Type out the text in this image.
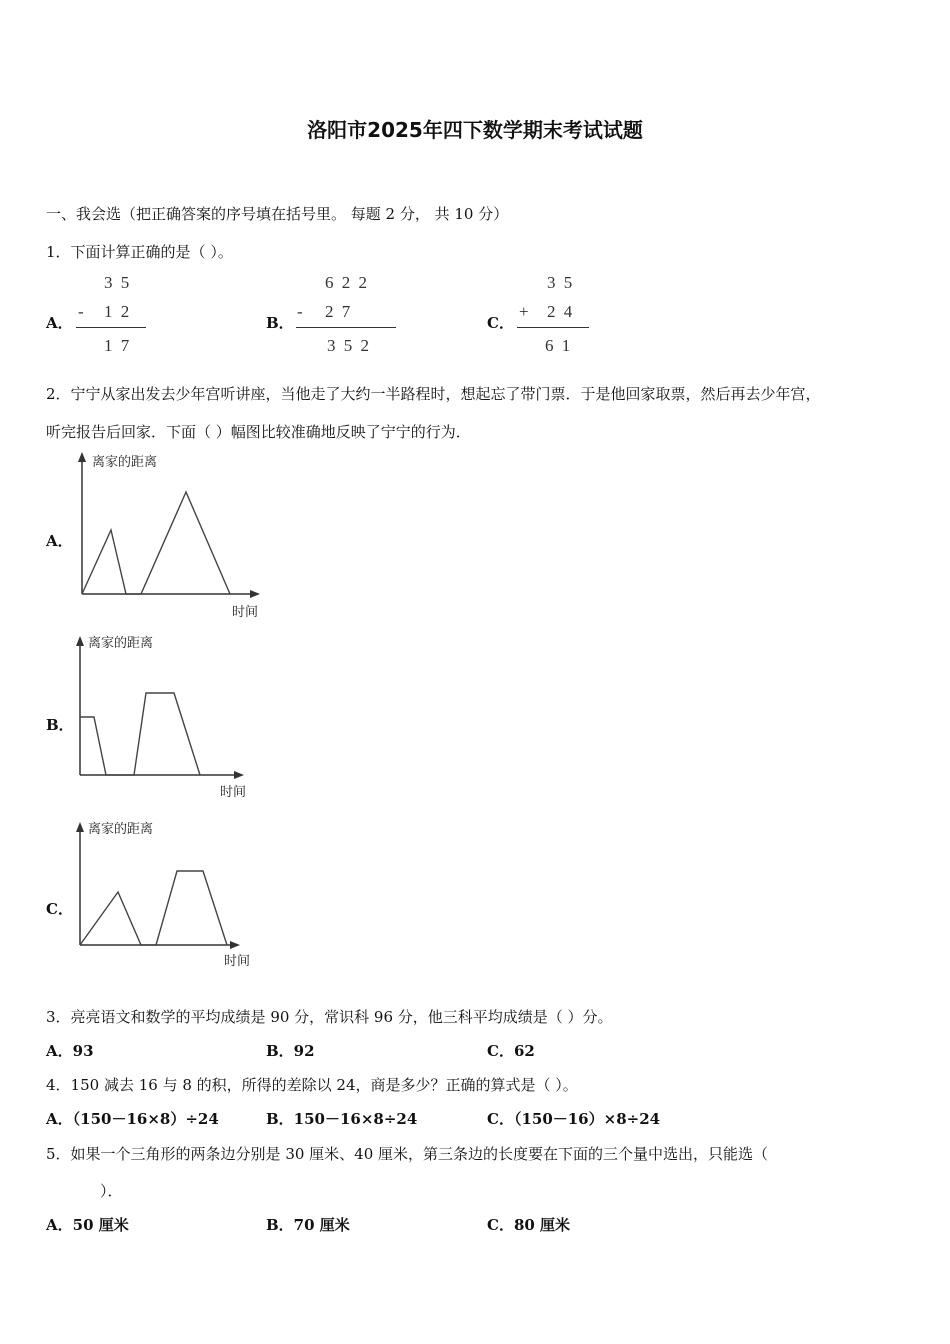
洛阳市2025年四下数学期末考试试题
一、我会选（把正确答案的序号填在括号里。 每题 2 分， 共 10 分）
1．下面计算正确的是（ ）。
A．
3 5
- 1 2
1 7
B．
6 2 2
- 2 7
3 5 2
C．
3 5
+ 2 4
6 1
2．宁宁从家出发去少年宫听讲座，当他走了大约一半路程时，想起忘了带门票．于是他回家取票，然后再去少年宫，
听完报告后回家．下面（ ）幅图比较准确地反映了宁宁的行为．
A．
离家的距离
时间
B．
离家的距离
时间
C．
离家的距离
时间
3．亮亮语文和数学的平均成绩是 90 分，常识科 96 分，他三科平均成绩是（ ）分。
A．93	B．92	C．62
4．150 减去 16 与 8 的积，所得的差除以 24，商是多少？正确的算式是（ ）。
A．（150－16×8）÷24	B．150－16×8÷24	C．（150－16）×8÷24
5．如果一个三角形的两条边分别是 30 厘米、40 厘米，第三条边的长度要在下面的三个量中选出，只能选（
）．
A．50 厘米	B．70 厘米	C．80 厘米
